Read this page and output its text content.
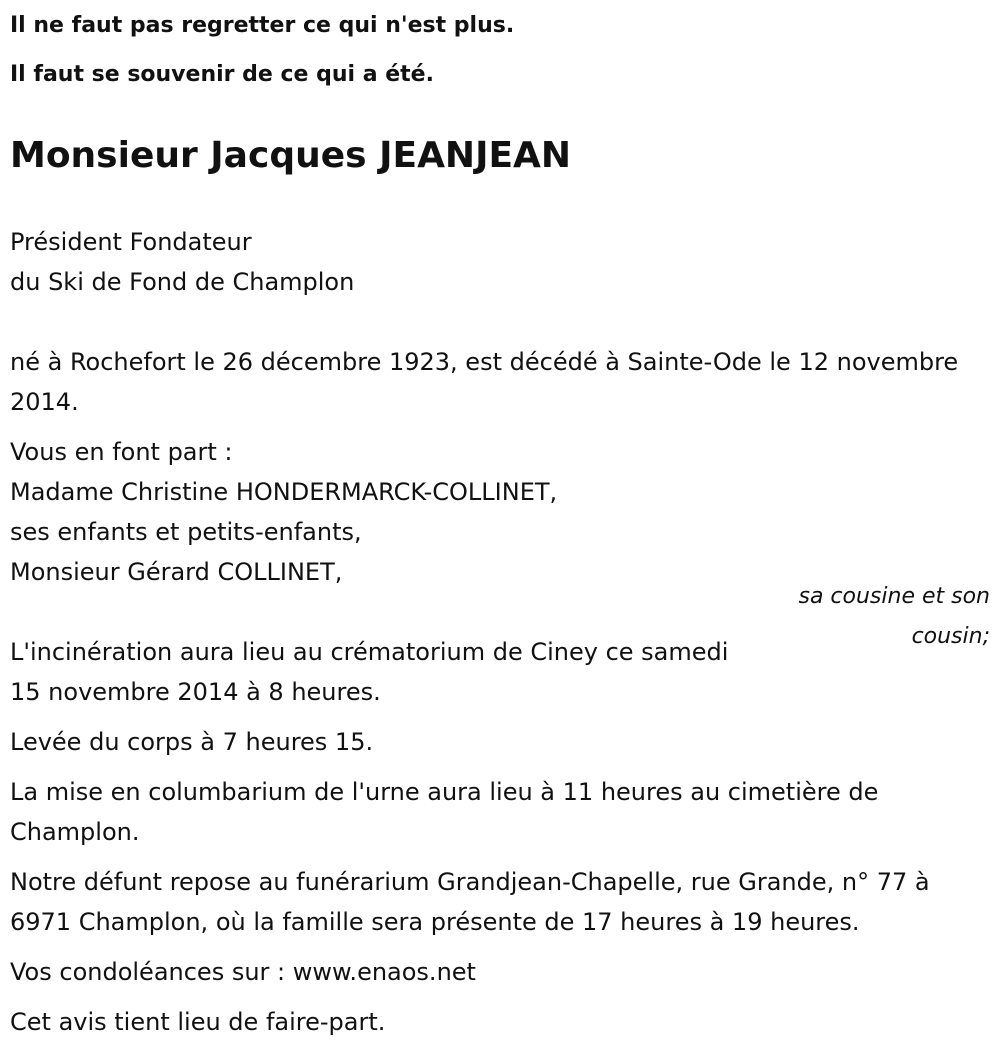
Il ne faut pas regretter ce qui n'est plus.

Il faut se souvenir de ce qui a été.

Monsieur Jacques JEANJEAN
Président Fondateur
du Ski de Fond de Champlon

né à Rochefort le 26 décembre 1923, est décédé à Sainte-Ode le 12 novembre 2014.

Vous en font part :
Madame Christine HONDERMARCK-COLLINET,
ses enfants et petits-enfants,
Monsieur Gérard COLLINET,

sa cousine et son cousin;

L'incinération aura lieu au crématorium de Ciney ce samedi 15 novembre 2014 à 8 heures.

Levée du corps à 7 heures 15.

La mise en columbarium de l'urne aura lieu à 11 heures au cimetière de Champlon.

Notre défunt repose au funérarium Grandjean-Chapelle, rue Grande, n° 77 à 6971 Champlon, où la famille sera présente de 17 heures à 19 heures.

Vos condoléances sur : www.enaos.net

Cet avis tient lieu de faire-part.
